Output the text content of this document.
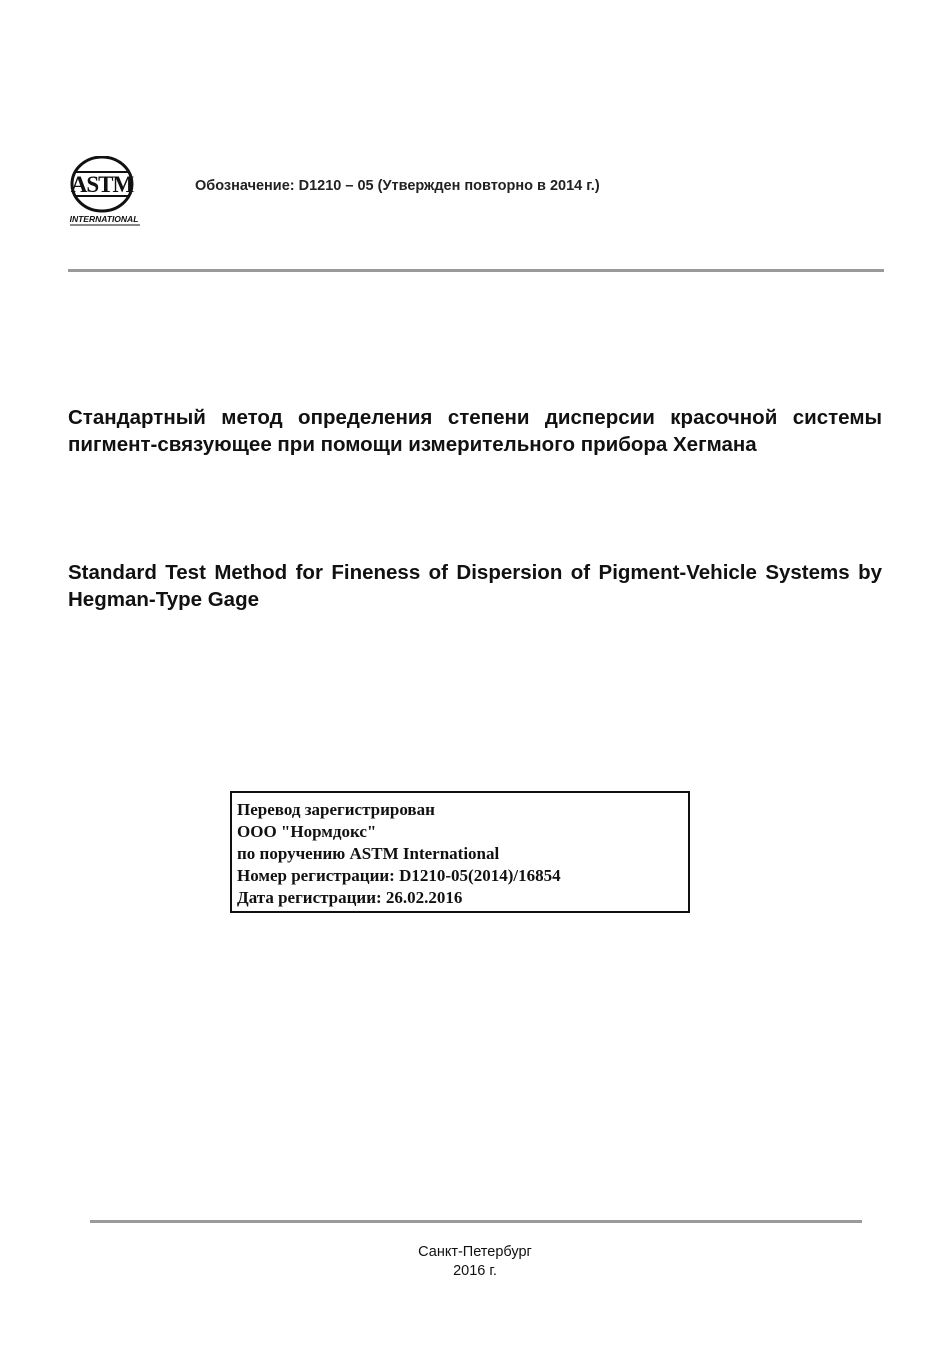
ASTM
INTERNATIONAL
Обозначение: D1210 – 05 (Утвержден повторно в 2014 г.)

Стандартный метод определения степени дисперсии красочной системы пигмент-связующее при помощи измерительного прибора Хегмана

Standard Test Method for Fineness of Dispersion of Pigment-Vehicle Systems by Hegman-Type Gage

Перевод зарегистрирован
ООО "Нормдокс"
по поручению ASTM International
Номер регистрации: D1210-05(2014)/16854
Дата регистрации: 26.02.2016
Санкт-Петербург
2016 г.
